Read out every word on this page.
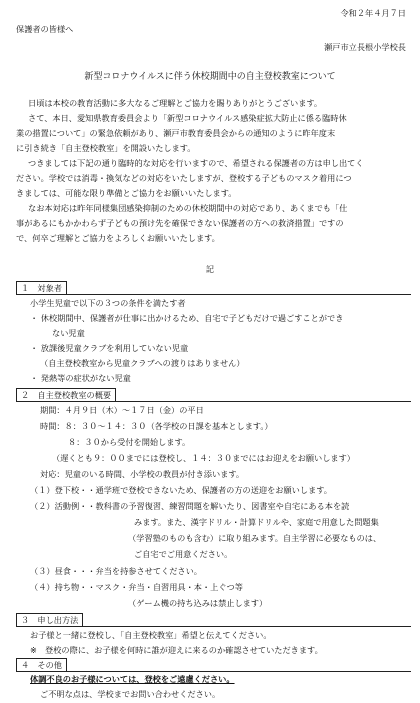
令和２年４月７日
保護者の皆様へ
瀬戸市立長根小学校長
新型コロナウイルスに伴う休校期間中の自主登校教室について
日頃は本校の教育活動に多大なるご理解とご協力を賜りありがとうございます。
さて、本日、愛知県教育委員会より「新型コロナウイルス感染症拡大防止に係る臨時休
業の措置について」の緊急依頼があり、瀬戸市教育委員会からの通知のように昨年度末
に引き続き「自主登校教室」を開設いたします。
つきましては下記の通り臨時的な対応を行いますので、希望される保護者の方は申し出てく
ださい。学校では消毒・換気などの対応をいたしますが、登校する子どものマスク着用につ
きましては、可能な限り準備とご協力をお願いいたします。
なお本対応は昨年同様集団感染抑制のための休校期間中の対応であり、あくまでも「仕
事があるにもかかわらず子どもの預け先を確保できない保護者の方への救済措置」ですの
で、何卒ご理解とご協力をよろしくお願いいたします。
記
１　対象者
小学生児童で以下の３つの条件を満たす者
・ 休校期間中、保護者が仕事に出かけるため、自宅で子どもだけで過ごすことができ
ない児童
・ 放課後児童クラブを利用していない児童
（自主登校教室から児童クラブへの渡りはありません）
・ 発熱等の症状がない児童
２　自主登校教室の概要
期間：４月９日（木）～１７日（金）の平日
時間：８：３０～１４：３０（各学校の日課を基本とします。）
８：３０から受付を開始します。
（遅くとも９：００までには登校し、１４：３０までにはお迎えをお願いします）
対応：児童のいる時間、小学校の教員が付き添います。
（１）登下校・・通学班で登校できないため、保護者の方の送迎をお願いします。
（２）活動例・・教科書の予習復習、練習問題を解いたり、図書室や自宅にある本を読
みます。また、漢字ドリル・計算ドリルや、家庭で用意した問題集
（学習塾のものも含む）に取り組みます。自主学習に必要なものは、
ご自宅でご用意ください。
（３）昼食・・・弁当を持参させてください。
（４）持ち物・・マスク・弁当・自習用具・本・上ぐつ等
（ゲーム機の持ち込みは禁止します）
３　申し出方法
お子様と一緒に登校し、「自主登校教室」希望と伝えてください。
※　登校の際に、お子様を何時に誰が迎えに来るのか確認させていただきます。
４　その他
体調不良のお子様については、登校をご遠慮ください。
ご不明な点は、学校までお問い合わせください。
